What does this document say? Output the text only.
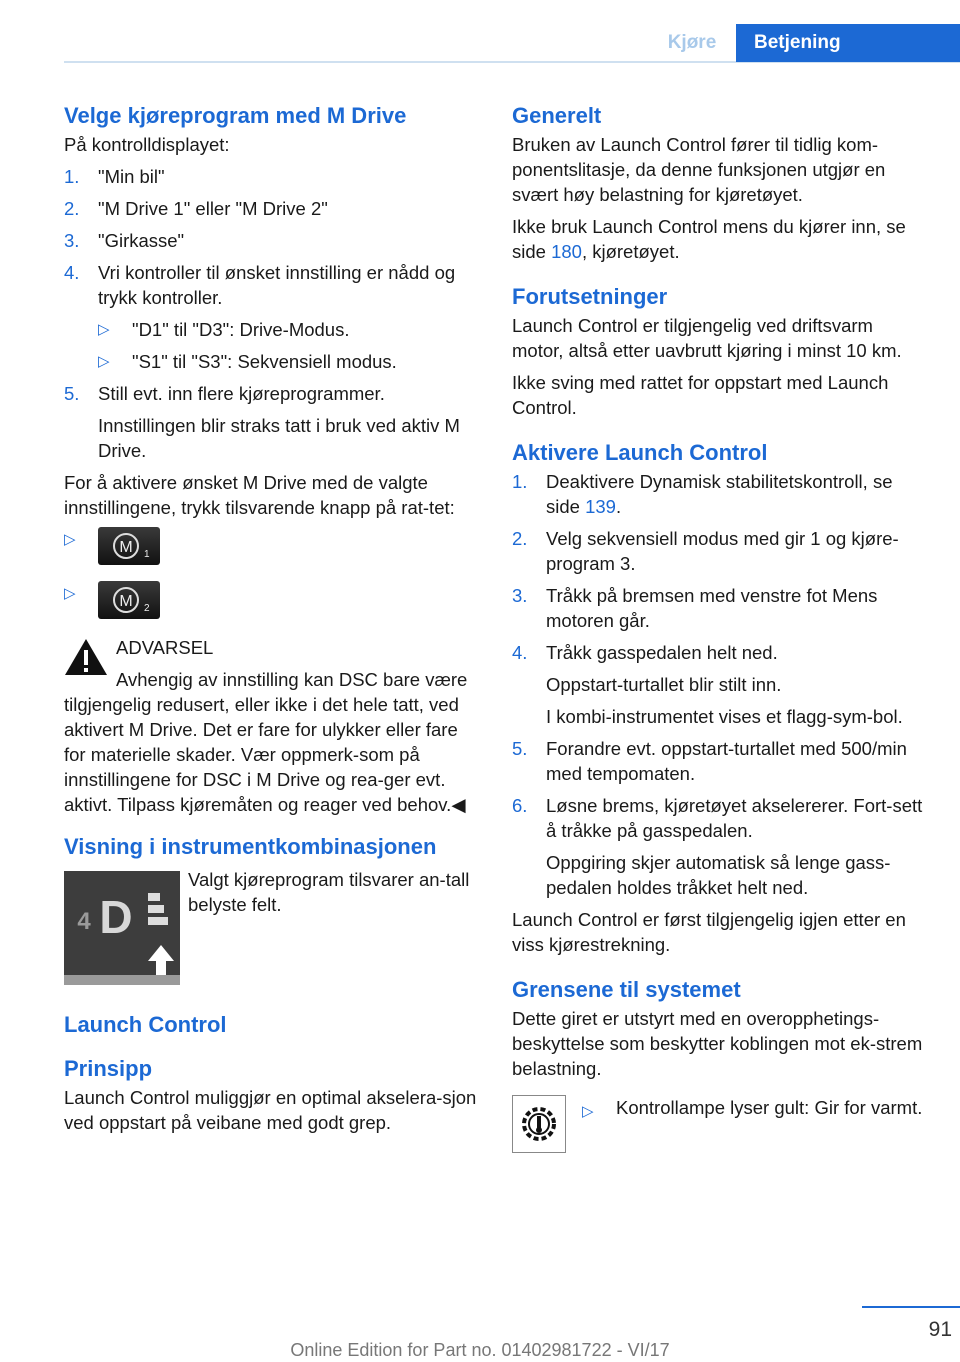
Kjøre	Betjening
Velge kjøreprogram med M Drive

På kontrolldisplayet:

1.	"Min bil"
2.	"M Drive 1" eller "M Drive 2"
3.	"Girkasse"
4.	Vri kontroller til ønsket innstilling er nådd og trykk kontroller.
▷	"D1" til "D3": Drive-Modus.
▷	"S1" til "S3": Sekvensiell modus.
5.	Still evt. inn flere kjøreprogrammer.
Innstillingen blir straks tatt i bruk ved aktiv M Drive.

For å aktivere ønsket M Drive med de valgte innstillingene, trykk tilsvarende knapp på rat-tet:

▷	M 1
▷	M 2
ADVARSEL
Avhengig av innstilling kan DSC bare være tilgjengelig redusert, eller ikke i det hele tatt, ved aktivert M Drive. Det er fare for ulykker eller fare for materielle skader. Vær oppmerk-som på innstillingene for DSC i M Drive og rea-ger evt. aktivt. Tilpass kjøremåten og reager ved behov.◀
Visning i instrumentkombinasjonen
4 D
Valgt kjøreprogram tilsvarer an-tall belyste felt.
Launch Control
Prinsipp

Launch Control muliggjør en optimal akselera-sjon ved oppstart på veibane med godt grep.

Generelt

Bruken av Launch Control fører til tidlig kom-ponentslitasje, da denne funksjonen utgjør en svært høy belastning for kjøretøyet.

Ikke bruk Launch Control mens du kjører inn, se side 180, kjøretøyet.

Forutsetninger

Launch Control er tilgjengelig ved driftsvarm motor, altså etter uavbrutt kjøring i minst 10 km.

Ikke sving med rattet for oppstart med Launch Control.

Aktivere Launch Control
1.	Deaktivere Dynamisk stabilitetskontroll, se side 139.
2.	Velg sekvensiell modus med gir 1 og kjøre-program 3.
3.	Tråkk på bremsen med venstre fot Mens motoren går.
4.	Tråkk gasspedalen helt ned.
Oppstart-turtallet blir stilt inn.
I kombi-instrumentet vises et flagg-sym-bol.
5.	Forandre evt. oppstart-turtallet med 500/min med tempomaten.
6.	Løsne brems, kjøretøyet akselererer. Fort-sett å tråkke på gasspedalen.
Oppgiring skjer automatisk så lenge gass-pedalen holdes tråkket helt ned.

Launch Control er først tilgjengelig igjen etter en viss kjørestrekning.

Grensene til systemet

Dette giret er utstyrt med en overopphetings-beskyttelse som beskytter koblingen mot ek-strem belastning.

▷	Kontrollampe lyser gult: Gir for varmt.
91
Online Edition for Part no. 01402981722 - VI/17
